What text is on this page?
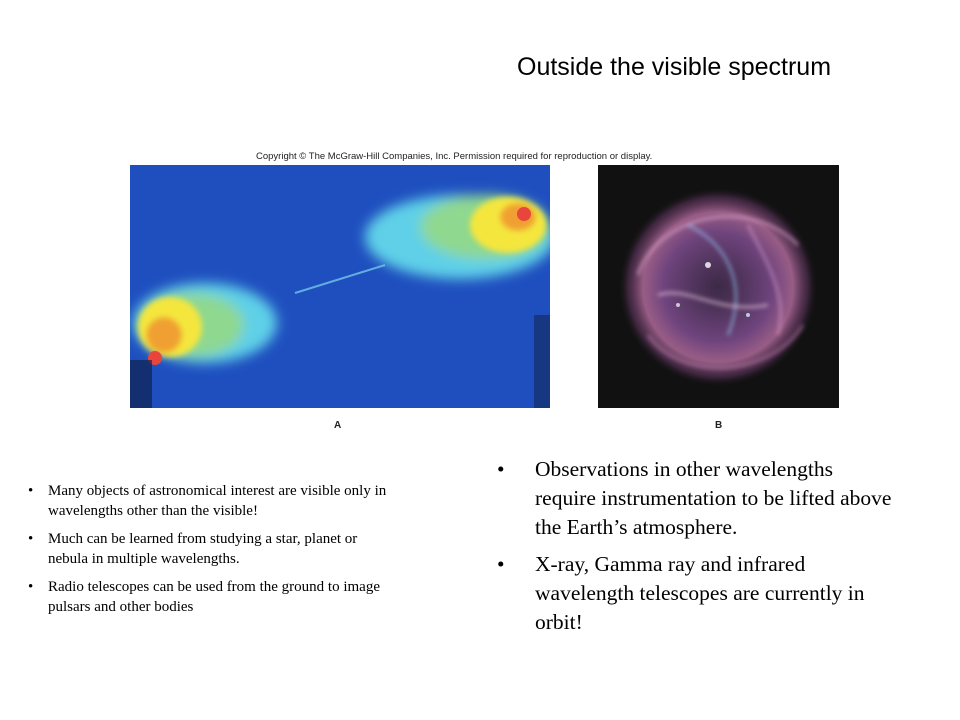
Outside the visible spectrum
Copyright © The McGraw-Hill Companies, Inc. Permission required for reproduction or display.
A	B
• Many objects of astronomical interest are visible only in wavelengths other than the visible!
• Much can be learned from studying a star, planet or nebula in multiple wavelengths.
• Radio telescopes can be used from the ground to image pulsars and other bodies
• Observations in other wavelengths require instrumentation to be lifted above the Earth’s atmosphere.
• X-ray, Gamma ray and infrared wavelength telescopes are currently in orbit!
